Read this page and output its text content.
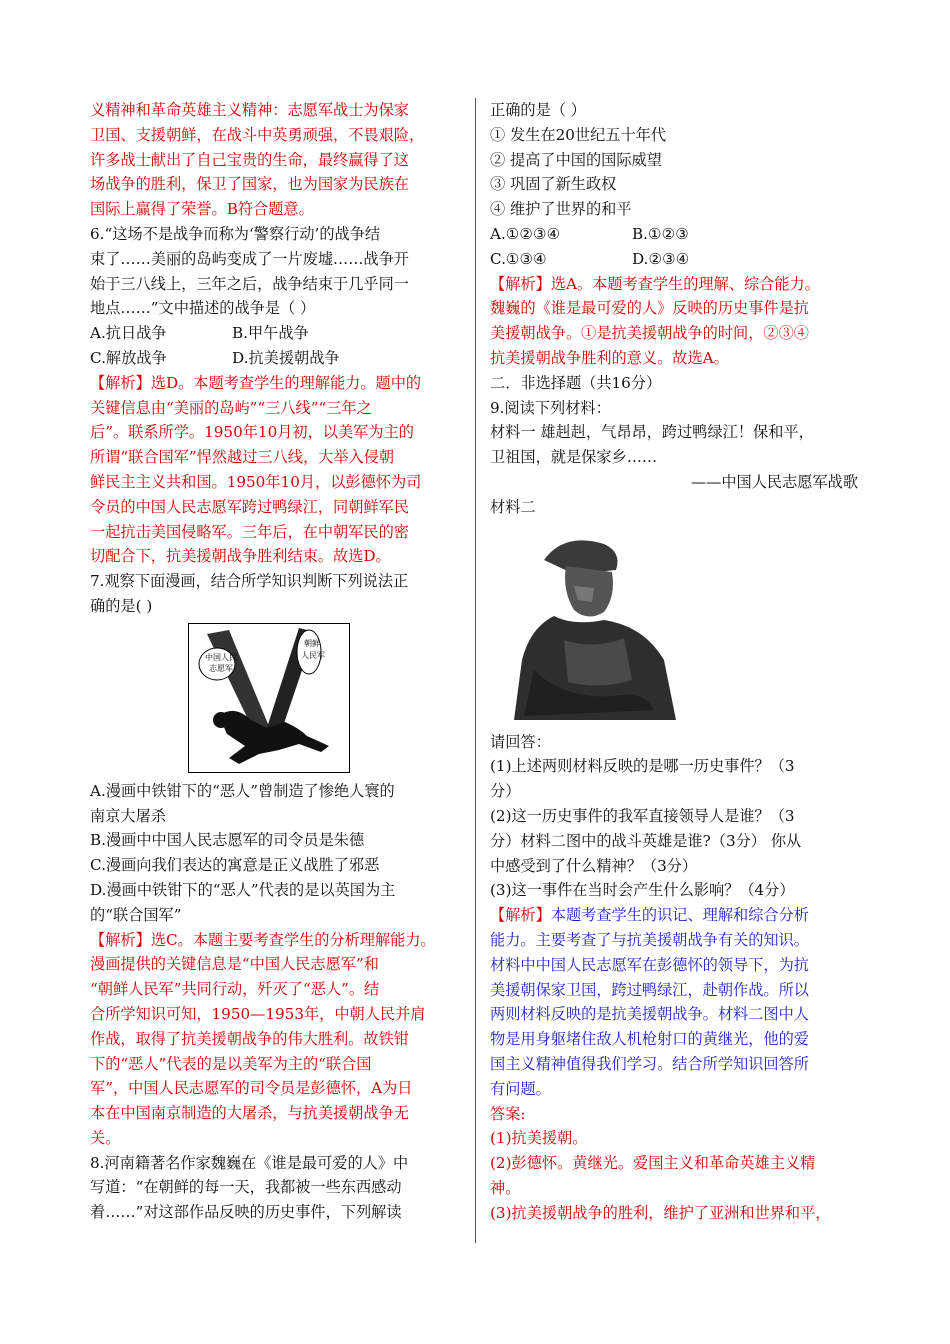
义精神和革命英雄主义精神：志愿军战士为保家
卫国、支援朝鲜，在战斗中英勇顽强，不畏艰险，
许多战士献出了自己宝贵的生命，最终赢得了这
场战争的胜利，保卫了国家，也为国家为民族在
国际上赢得了荣誉。B符合题意。
6.“这场不是战争而称为‘警察行动’的战争结
束了……美丽的岛屿变成了一片废墟……战争开
始于三八线上，三年之后，战争结束于几乎同一
地点……”文中描述的战争是（ ）
A.抗日战争	B.甲午战争
C.解放战争	D.抗美援朝战争
【解析】选D。本题考查学生的理解能力。题中的
关键信息由“美丽的岛屿”“三八线”“三年之
后”。联系所学。1950年10月初，以美军为主的
所谓“联合国军”悍然越过三八线，大举入侵朝
鲜民主主义共和国。1950年10月，以彭德怀为司
令员的中国人民志愿军跨过鸭绿江，同朝鲜军民
一起抗击美国侵略军。三年后，在中朝军民的密
切配合下，抗美援朝战争胜利结束。故选D。
7.观察下面漫画，结合所学知识判断下列说法正
确的是( )
中国人民
志愿军
朝鲜
人民军
A.漫画中铁钳下的“恶人”曾制造了惨绝人寰的
南京大屠杀
B.漫画中中国人民志愿军的司令员是朱德
C.漫画向我们表达的寓意是正义战胜了邪恶
D.漫画中铁钳下的“恶人”代表的是以英国为主
的“联合国军”
【解析】选C。本题主要考查学生的分析理解能力。
漫画提供的关键信息是“中国人民志愿军”和
“朝鲜人民军”共同行动，歼灭了“恶人”。结
合所学知识可知，1950—1953年，中朝人民并肩
作战，取得了抗美援朝战争的伟大胜利。故铁钳
下的“恶人”代表的是以美军为主的“联合国
军”，中国人民志愿军的司令员是彭德怀，A为日
本在中国南京制造的大屠杀，与抗美援朝战争无
关。
8.河南籍著名作家魏巍在《谁是最可爱的人》中
写道：“在朝鲜的每一天，我都被一些东西感动
着……”对这部作品反映的历史事件，下列解读
正确的是（ ）
① 发生在20世纪五十年代
② 提高了中国的国际威望
③ 巩固了新生政权
④ 维护了世界的和平
A.①②③④	B.①②③
C.①③④	D.②③④
【解析】选A。本题考查学生的理解、综合能力。
魏巍的《谁是最可爱的人》反映的历史事件是抗
美援朝战争。①是抗美援朝战争的时间，②③④
抗美援朝战争胜利的意义。故选A。
二．非选择题（共16分）
9.阅读下列材料：
材料一 雄赳赳，气昂昂，跨过鸭绿江！保和平，
卫祖国，就是保家乡……
——中国人民志愿军战歌
材料二
请回答：
(1)上述两则材料反映的是哪一历史事件？（3
分）
(2)这一历史事件的我军直接领导人是谁？（3
分）材料二图中的战斗英雄是谁?（3分） 你从
中感受到了什么精神？（3分）
(3)这一事件在当时会产生什么影响？（4分）
【解析】本题考查学生的识记、理解和综合分析
能力。主要考查了与抗美援朝战争有关的知识。
材料中中国人民志愿军在彭德怀的领导下，为抗
美援朝保家卫国，跨过鸭绿江，赴朝作战。所以
两则材料反映的是抗美援朝战争。材料二图中人
物是用身躯堵住敌人机枪射口的黄继光，他的爱
国主义精神值得我们学习。结合所学知识回答所
有问题。
答案:
(1)抗美援朝。
(2)彭德怀。黄继光。爱国主义和革命英雄主义精
神。
(3)抗美援朝战争的胜利，维护了亚洲和世界和平，
